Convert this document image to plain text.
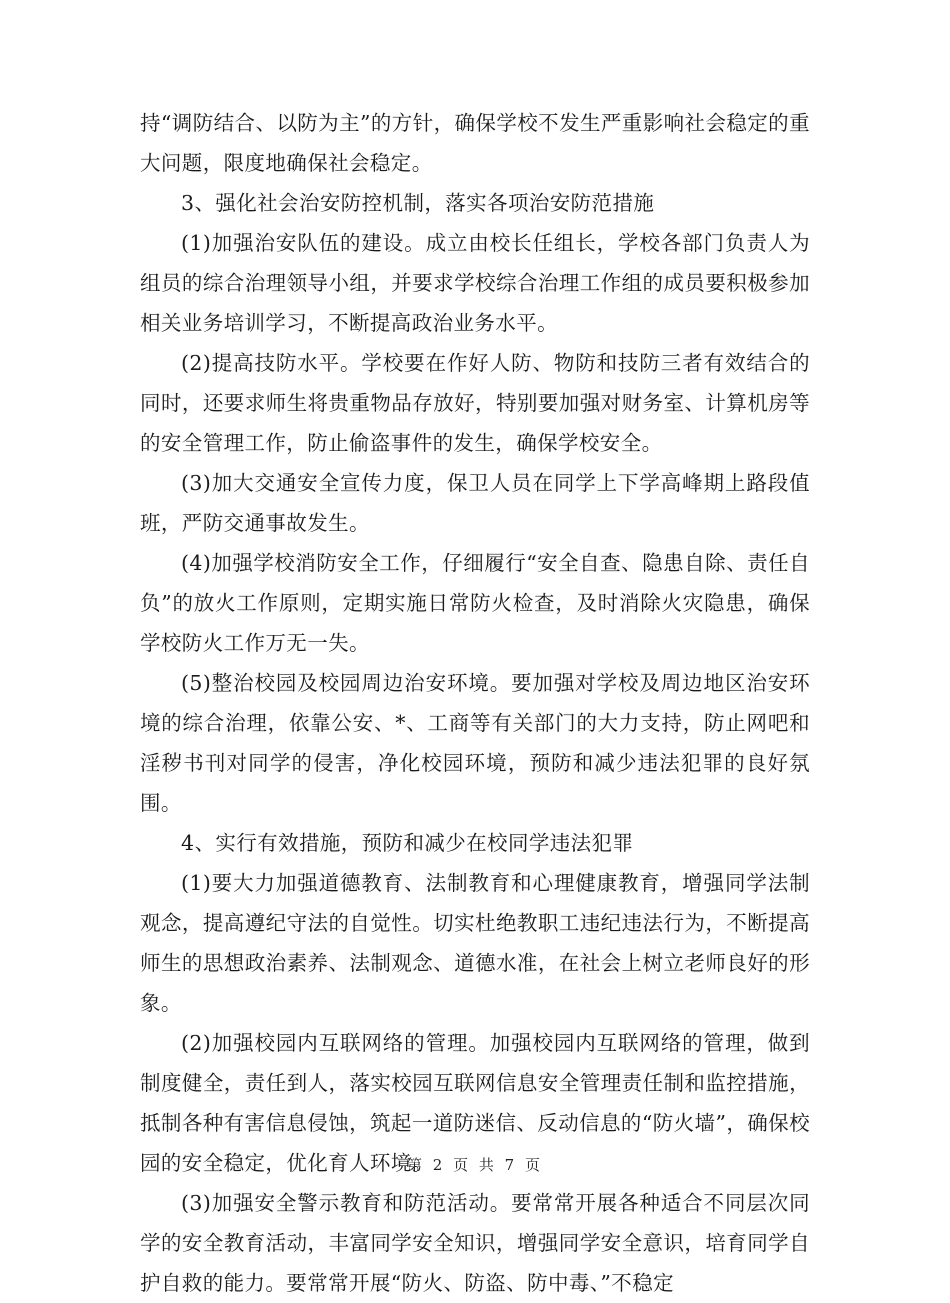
持“调防结合、以防为主”的方针，确保学校不发生严重影响社会稳定的重大问题，限度地确保社会稳定。

3、强化社会治安防控机制，落实各项治安防范措施

(1)加强治安队伍的建设。成立由校长任组长，学校各部门负责人为组员的综合治理领导小组，并要求学校综合治理工作组的成员要积极参加相关业务培训学习，不断提高政治业务水平。

(2)提高技防水平。学校要在作好人防、物防和技防三者有效结合的同时，还要求师生将贵重物品存放好，特别要加强对财务室、计算机房等的安全管理工作，防止偷盗事件的发生，确保学校安全。

(3)加大交通安全宣传力度，保卫人员在同学上下学高峰期上路段值班，严防交通事故发生。

(4)加强学校消防安全工作，仔细履行“安全自查、隐患自除、责任自负”的放火工作原则，定期实施日常防火检查，及时消除火灾隐患，确保学校防火工作万无一失。

(5)整治校园及校园周边治安环境。要加强对学校及周边地区治安环境的综合治理，依靠公安、*、工商等有关部门的大力支持，防止网吧和淫秽书刊对同学的侵害，净化校园环境，预防和减少违法犯罪的良好氛围。

4、实行有效措施，预防和减少在校同学违法犯罪

(1)要大力加强道德教育、法制教育和心理健康教育，增强同学法制观念，提高遵纪守法的自觉性。切实杜绝教职工违纪违法行为，不断提高师生的思想政治素养、法制观念、道德水准，在社会上树立老师良好的形象。

(2)加强校园内互联网络的管理。加强校园内互联网络的管理，做到制度健全，责任到人，落实校园互联网信息安全管理责任制和监控措施，抵制各种有害信息侵蚀，筑起一道防迷信、反动信息的“防火墙”，确保校园的安全稳定，优化育人环境。

(3)加强安全警示教育和防范活动。要常常开展各种适合不同层次同学的安全教育活动，丰富同学安全知识，增强同学安全意识，培育同学自护自救的能力。要常常开展“防火、防盗、防中毒、”不稳定

第 2 页 共 7 页
